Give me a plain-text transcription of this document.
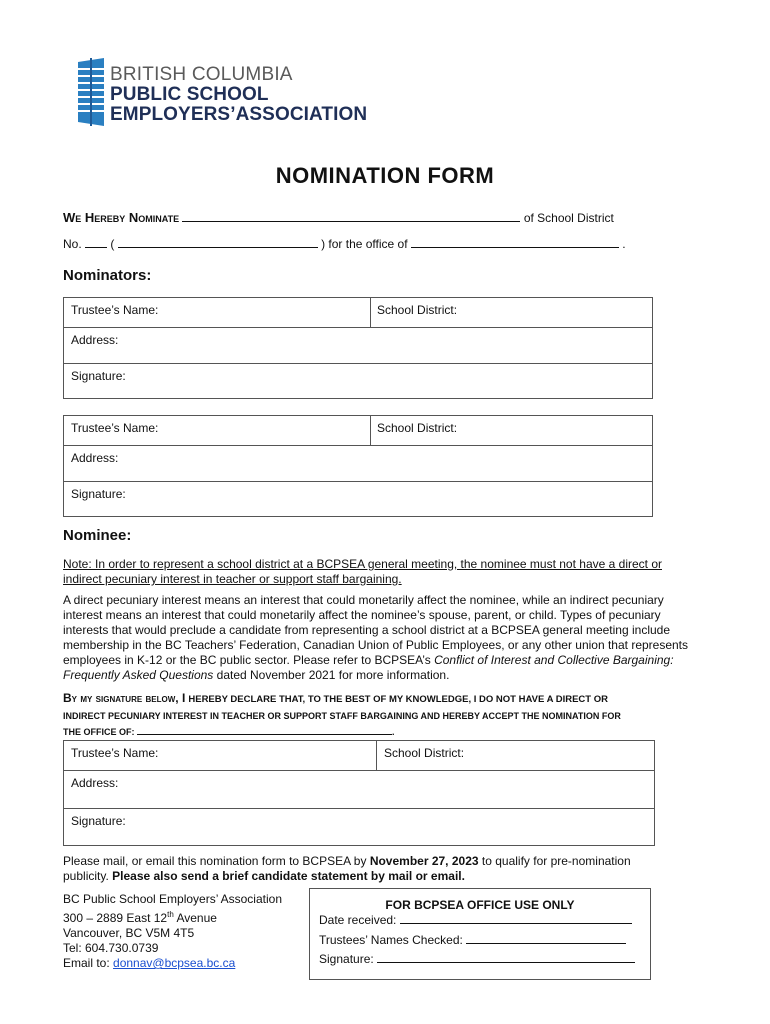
BRITISH COLUMBIA
PUBLIC SCHOOL
EMPLOYERS’ASSOCIATION
NOMINATION FORM
We Hereby Nominate	of School District
No. (	) for the office of	.
Nominators:
Trustee’s Name:	School District:
Address:
Signature:
Trustee’s Name:	School District:
Address:
Signature:
Nominee:
Note: In order to represent a school district at a BCPSEA general meeting, the nominee must not have a direct or indirect pecuniary interest in teacher or support staff bargaining.
A direct pecuniary interest means an interest that could monetarily affect the nominee, while an indirect pecuniary interest means an interest that could monetarily affect the nominee’s spouse, parent, or child. Types of pecuniary interests that would preclude a candidate from representing a school district at a BCPSEA general meeting include membership in the BC Teachers’ Federation, Canadian Union of Public Employees, or any other union that represents employees in K-12 or the BC public sector. Please refer to BCPSEA’s Conflict of Interest and Collective Bargaining: Frequently Asked Questions dated November 2021 for more information.
By my signature below, I HEREBY DECLARE THAT, TO THE BEST OF MY KNOWLEDGE, I DO NOT HAVE A DIRECT OR
INDIRECT PECUNIARY INTEREST IN TEACHER OR SUPPORT STAFF BARGAINING AND HEREBY ACCEPT THE NOMINATION FOR
THE OFFICE OF:	.
Trustee’s Name:	School District:
Address:
Signature:
Please mail, or email this nomination form to BCPSEA by November 27, 2023 to qualify for pre-nomination
publicity. Please also send a brief candidate statement by mail or email.
BC Public School Employers’ Association
300 – 2889 East 12th Avenue
Vancouver, BC V5M 4T5
Tel: 604.730.0739
Email to: donnav@bcpsea.bc.ca
FOR BCPSEA OFFICE USE ONLY
Date received:
Trustees’ Names Checked:
Signature:
